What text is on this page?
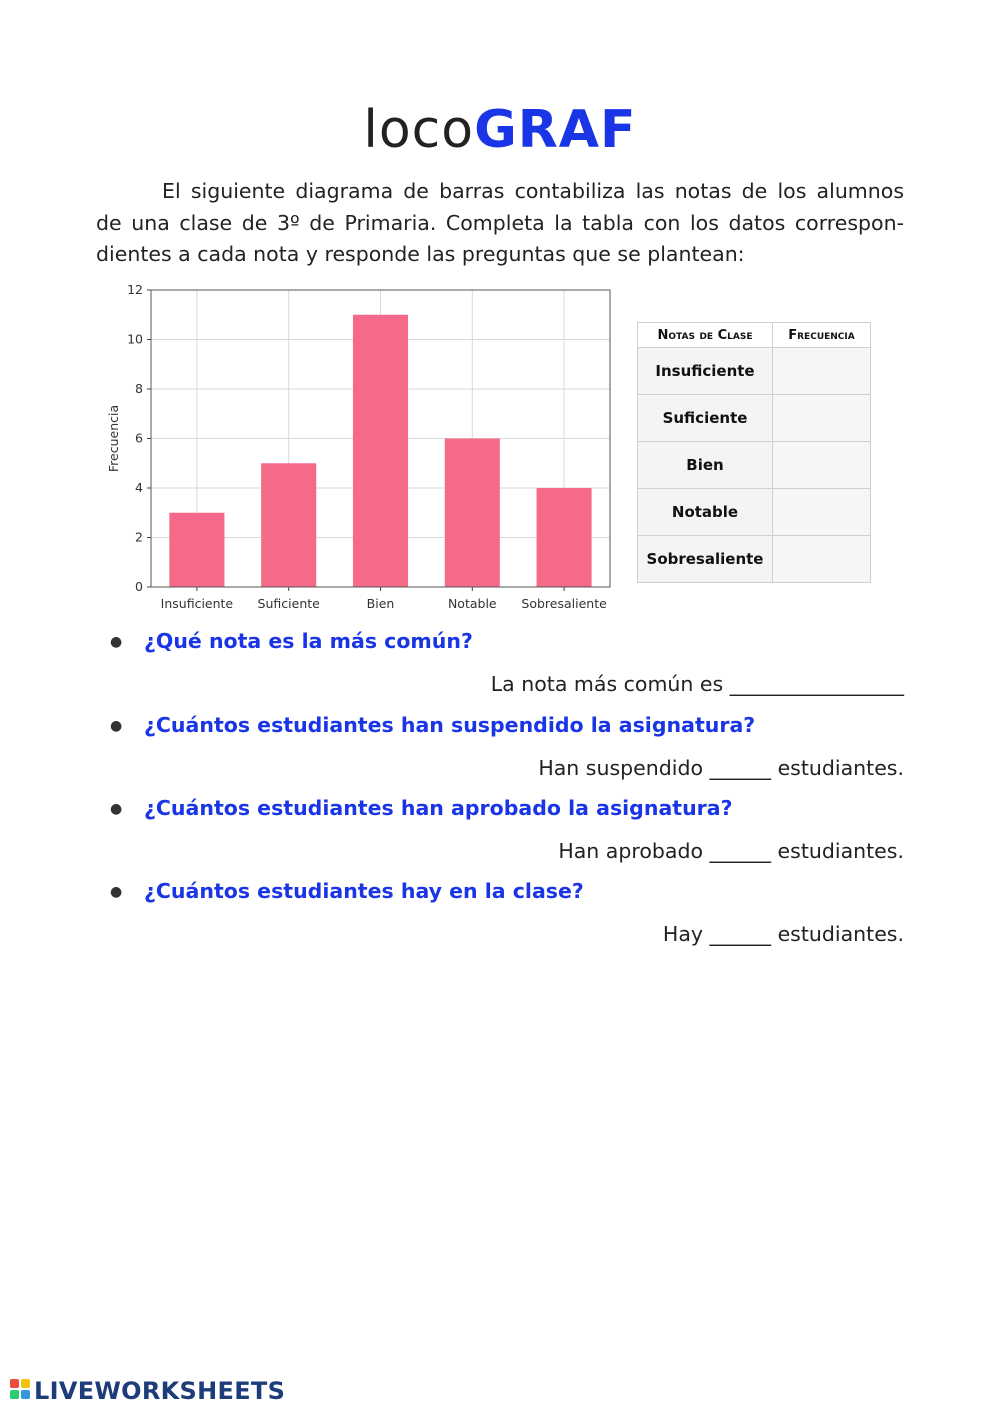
locoGRAF
El siguiente diagrama de barras contabiliza las notas de los alumnos
de una clase de 3º de Primaria. Completa la tabla con los datos correspon-
dientes a cada nota y responde las preguntas que se plantean:
0
2
4
6
8
10
12
Insuficiente Suficiente	Bien	Notable Sobresaliente
Frecuencia
Notas de Clase	Frecuencia
Insuficiente	
Suficiente	
Bien	
Notable	
Sobresaliente	
● ¿Qué nota es la más común?
La nota más común es _________________
● ¿Cuántos estudiantes han suspendido la asignatura?
Han suspendido ______ estudiantes.
● ¿Cuántos estudiantes han aprobado la asignatura?
Han aprobado ______ estudiantes.
● ¿Cuántos estudiantes hay en la clase?
Hay ______ estudiantes.
LIVEWORKSHEETS
